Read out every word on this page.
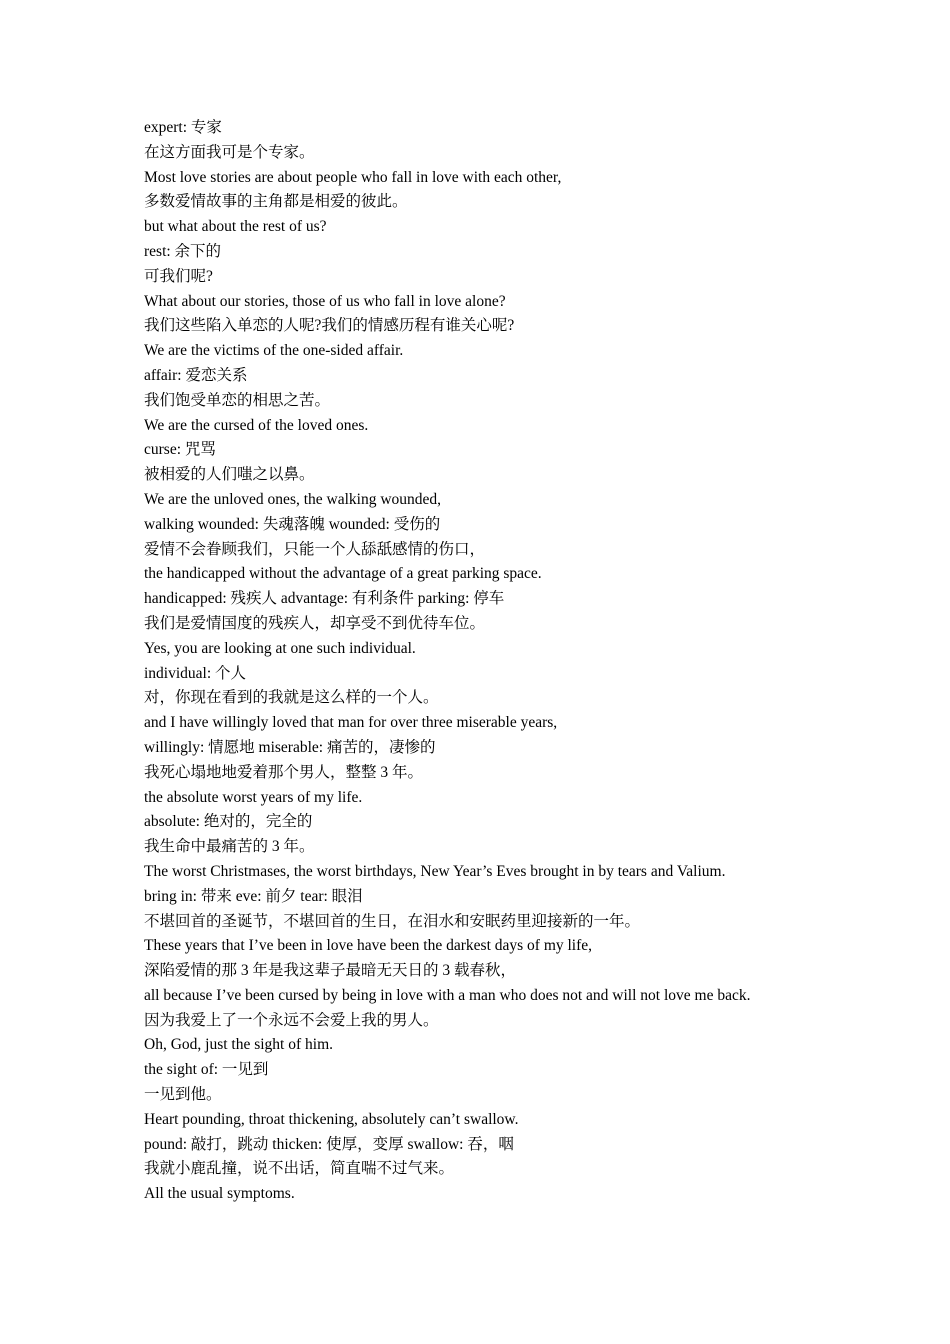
expert: 专家
在这方面我可是个专家。
Most love stories are about people who fall in love with each other,
多数爱情故事的主角都是相爱的彼此。
but what about the rest of us?
rest: 余下的
可我们呢?
What about our stories, those of us who fall in love alone?
我们这些陷入单恋的人呢?我们的情感历程有谁关心呢?
We are the victims of the one-sided affair.
affair: 爱恋关系
我们饱受单恋的相思之苦。
We are the cursed of the loved ones.
curse: 咒骂
被相爱的人们嗤之以鼻。
We are the unloved ones, the walking wounded,
walking wounded: 失魂落魄 wounded: 受伤的
爱情不会眷顾我们，只能一个人舔舐感情的伤口，
the handicapped without the advantage of a great parking space.
handicapped: 残疾人 advantage: 有利条件 parking: 停车
我们是爱情国度的残疾人，却享受不到优待车位。
Yes, you are looking at one such individual.
individual: 个人
对，你现在看到的我就是这么样的一个人。
and I have willingly loved that man for over three miserable years,
willingly: 情愿地 miserable: 痛苦的，凄惨的
我死心塌地地爱着那个男人，整整 3 年。
the absolute worst years of my life.
absolute: 绝对的，完全的
我生命中最痛苦的 3 年。
The worst Christmases, the worst birthdays, New Year’s Eves brought in by tears and Valium.
bring in: 带来 eve: 前夕 tear: 眼泪
不堪回首的圣诞节，不堪回首的生日，在泪水和安眠药里迎接新的一年。
These years that I’ve been in love have been the darkest days of my life,
深陷爱情的那 3 年是我这辈子最暗无天日的 3 载春秋，
all because I’ve been cursed by being in love with a man who does not and will not love me back.
因为我爱上了一个永远不会爱上我的男人。
Oh, God, just the sight of him.
the sight of: 一见到
一见到他。
Heart pounding, throat thickening, absolutely can’t swallow.
pound: 敲打，跳动 thicken: 使厚，变厚 swallow: 吞，咽
我就小鹿乱撞，说不出话，简直喘不过气来。
All the usual symptoms.
